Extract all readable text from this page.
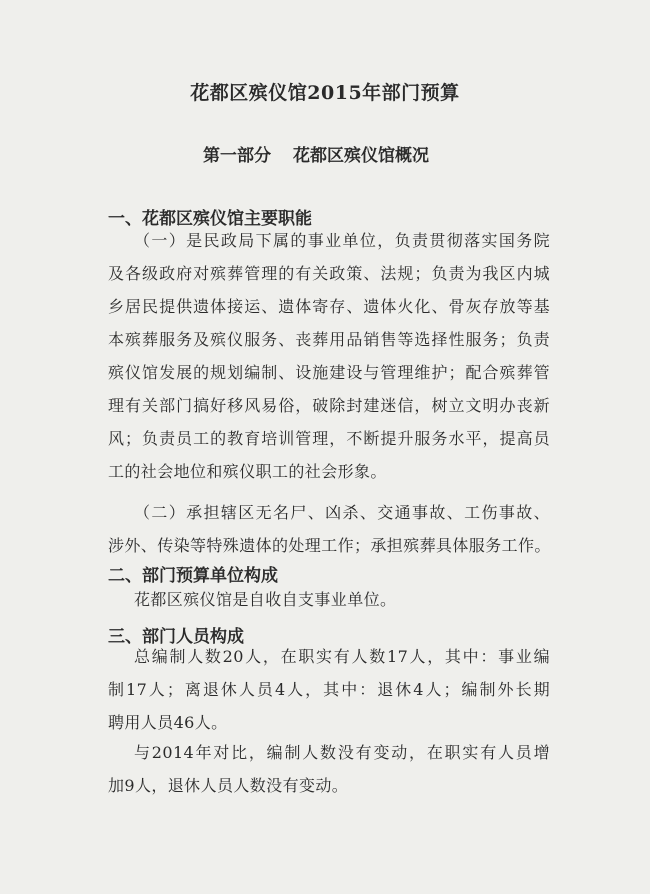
花都区殡仪馆2015年部门预算
第一部分 花都区殡仪馆概况
一、花都区殡仪馆主要职能
（一）是民政局下属的事业单位，负责贯彻落实国务院
及各级政府对殡葬管理的有关政策、法规；负责为我区内城
乡居民提供遗体接运、遗体寄存、遗体火化、骨灰存放等基
本殡葬服务及殡仪服务、丧葬用品销售等选择性服务；负责
殡仪馆发展的规划编制、设施建设与管理维护；配合殡葬管
理有关部门搞好移风易俗，破除封建迷信，树立文明办丧新
风；负责员工的教育培训管理，不断提升服务水平，提高员
工的社会地位和殡仪职工的社会形象。
（二）承担辖区无名尸、凶杀、交通事故、工伤事故、
涉外、传染等特殊遗体的处理工作；承担殡葬具体服务工作。
二、部门预算单位构成
花都区殡仪馆是自收自支事业单位。
三、部门人员构成
总编制人数20人，在职实有人数17人，其中：事业编
制17人；离退休人员4人，其中：退休4人；编制外长期
聘用人员46人。
与2014年对比，编制人数没有变动，在职实有人员增
加9人，退休人员人数没有变动。
